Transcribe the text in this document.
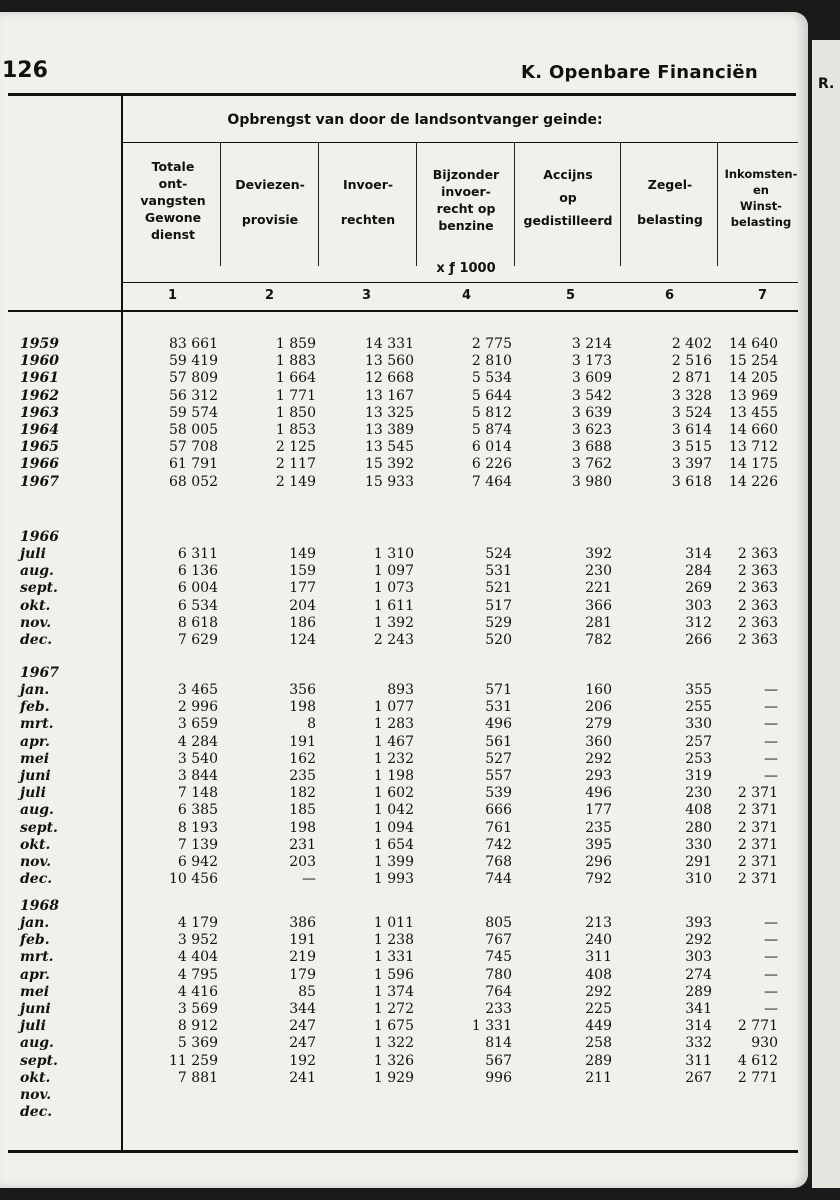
126	K. Openbare Financiën
R.
Opbrengst van door de landsontvanger geinde:
Totale
ont-
vangsten
Gewone
dienst
Deviezen-
provisie
Invoer-
rechten
Bijzonder
invoer-
recht op
benzine
Accijns
op
gedistilleerd
Zegel-
belasting
Inkomsten-
en
Winst-
belasting
x ƒ 1000
1	2	3	4	5	6	7
1959	83 661	1 859	14 331	2 775	3 214	2 402	14 640
1960	59 419	1 883	13 560	2 810	3 173	2 516	15 254
1961	57 809	1 664	12 668	5 534	3 609	2 871	14 205
1962	56 312	1 771	13 167	5 644	3 542	3 328	13 969
1963	59 574	1 850	13 325	5 812	3 639	3 524	13 455
1964	58 005	1 853	13 389	5 874	3 623	3 614	14 660
1965	57 708	2 125	13 545	6 014	3 688	3 515	13 712
1966	61 791	2 117	15 392	6 226	3 762	3 397	14 175
1967	68 052	2 149	15 933	7 464	3 980	3 618	14 226
1966
juli	6 311	149	1 310	524	392	314	2 363
aug.	6 136	159	1 097	531	230	284	2 363
sept.	6 004	177	1 073	521	221	269	2 363
okt.	6 534	204	1 611	517	366	303	2 363
nov.	8 618	186	1 392	529	281	312	2 363
dec.	7 629	124	2 243	520	782	266	2 363
1967
jan.	3 465	356	893	571	160	355	—
feb.	2 996	198	1 077	531	206	255	—
mrt.	3 659	8	1 283	496	279	330	—
apr.	4 284	191	1 467	561	360	257	—
mei	3 540	162	1 232	527	292	253	—
juni	3 844	235	1 198	557	293	319	—
juli	7 148	182	1 602	539	496	230	2 371
aug.	6 385	185	1 042	666	177	408	2 371
sept.	8 193	198	1 094	761	235	280	2 371
okt.	7 139	231	1 654	742	395	330	2 371
nov.	6 942	203	1 399	768	296	291	2 371
dec.	10 456	—	1 993	744	792	310	2 371
1968
jan.	4 179	386	1 011	805	213	393	—
feb.	3 952	191	1 238	767	240	292	—
mrt.	4 404	219	1 331	745	311	303	—
apr.	4 795	179	1 596	780	408	274	—
mei	4 416	85	1 374	764	292	289	—
juni	3 569	344	1 272	233	225	341	—
juli	8 912	247	1 675	1 331	449	314	2 771
aug.	5 369	247	1 322	814	258	332	930
sept.	11 259	192	1 326	567	289	311	4 612
okt.	7 881	241	1 929	996	211	267	2 771
nov.
dec.
